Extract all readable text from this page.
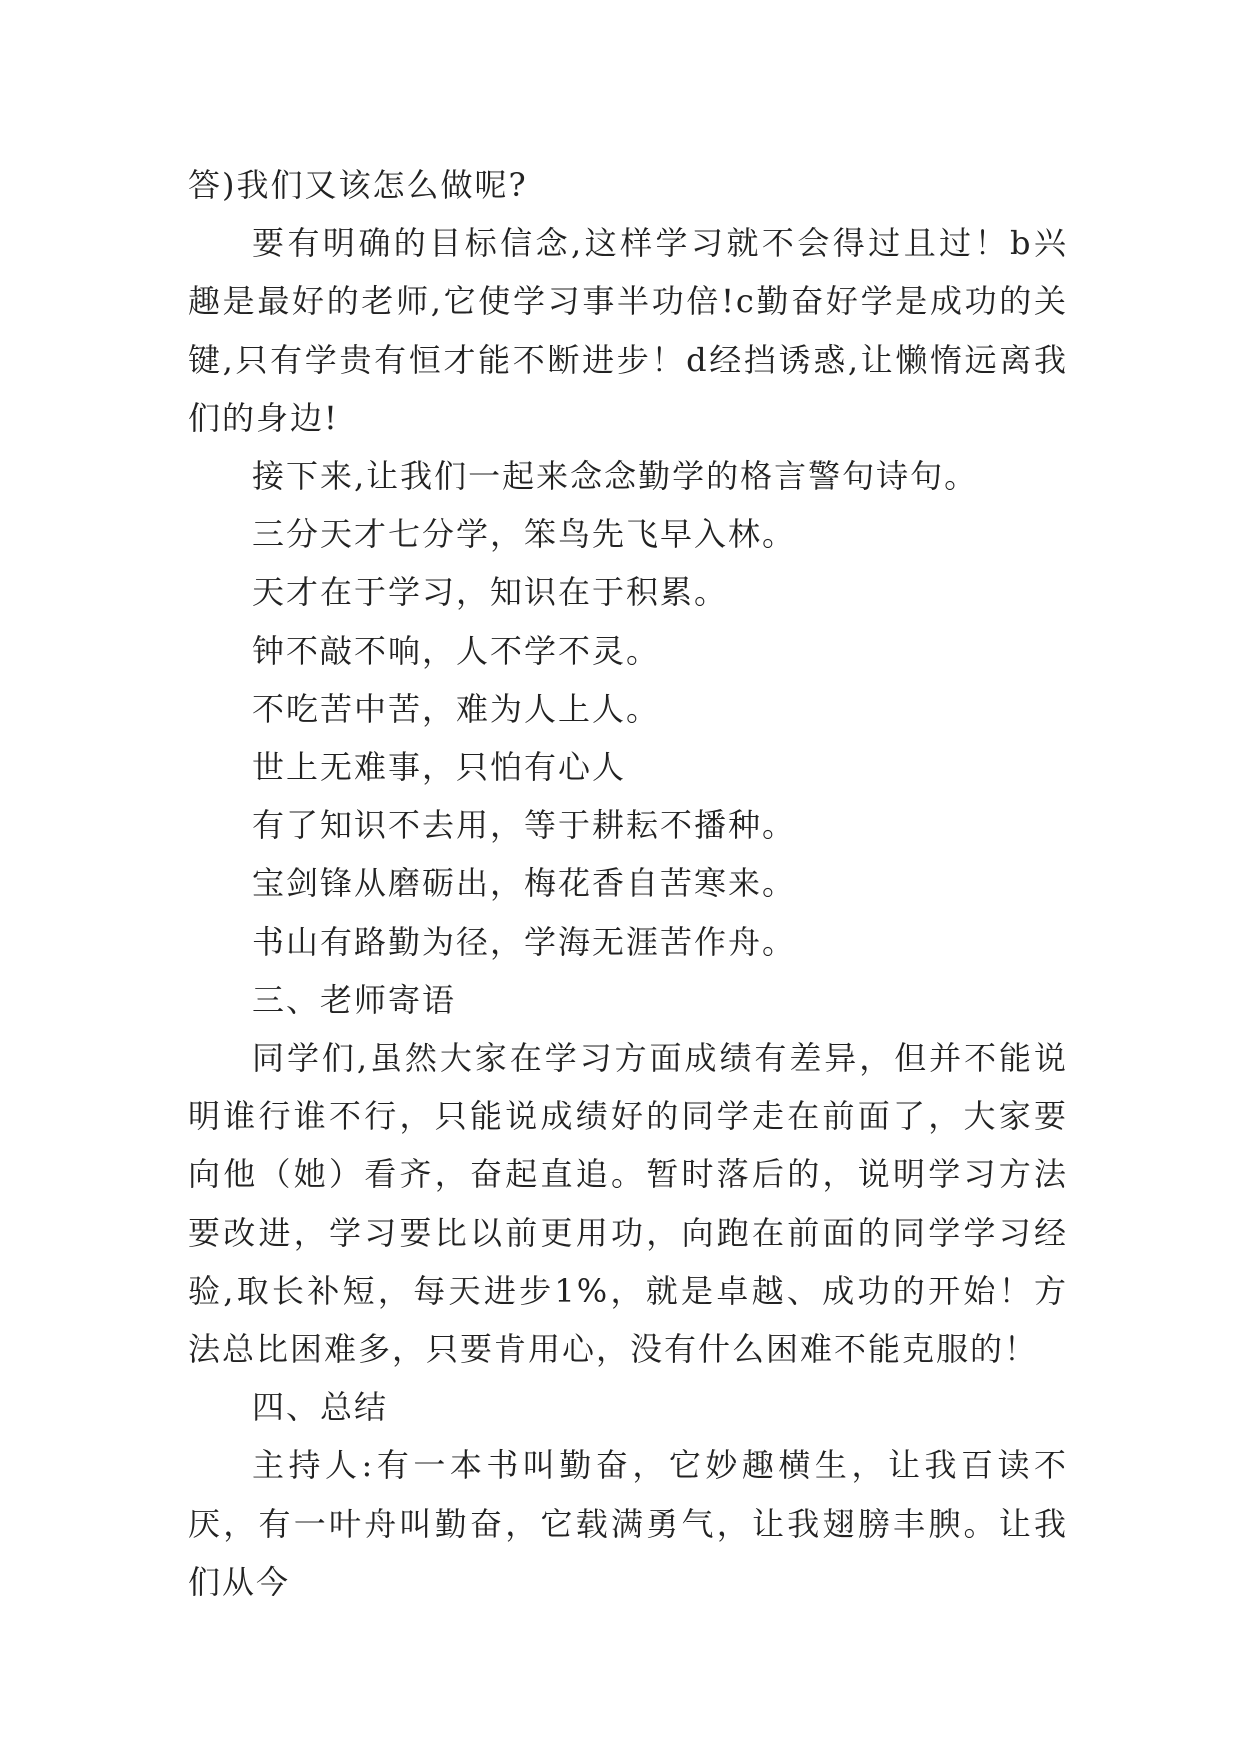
答)我们又该怎么做呢?

要有明确的目标信念,这样学习就不会得过且过！b兴趣是最好的老师,它使学习事半功倍!c勤奋好学是成功的关键,只有学贵有恒才能不断进步！d经挡诱惑,让懒惰远离我们的身边!

接下来,让我们一起来念念勤学的格言警句诗句。

三分天才七分学，笨鸟先飞早入林。

天才在于学习，知识在于积累。

钟不敲不响，人不学不灵。

不吃苦中苦，难为人上人。

世上无难事，只怕有心人

有了知识不去用，等于耕耘不播种。

宝剑锋从磨砺出，梅花香自苦寒来。

书山有路勤为径，学海无涯苦作舟。

三、老师寄语

同学们,虽然大家在学习方面成绩有差异，但并不能说明谁行谁不行，只能说成绩好的同学走在前面了，大家要向他（她）看齐，奋起直追。暂时落后的，说明学习方法要改进，学习要比以前更用功，向跑在前面的同学学习经验,取长补短，每天进步1%，就是卓越、成功的开始！方法总比困难多，只要肯用心，没有什么困难不能克服的！

四、总结

主持人:有一本书叫勤奋，它妙趣横生，让我百读不厌，有一叶舟叫勤奋，它载满勇气，让我翅膀丰腴。让我们从今
